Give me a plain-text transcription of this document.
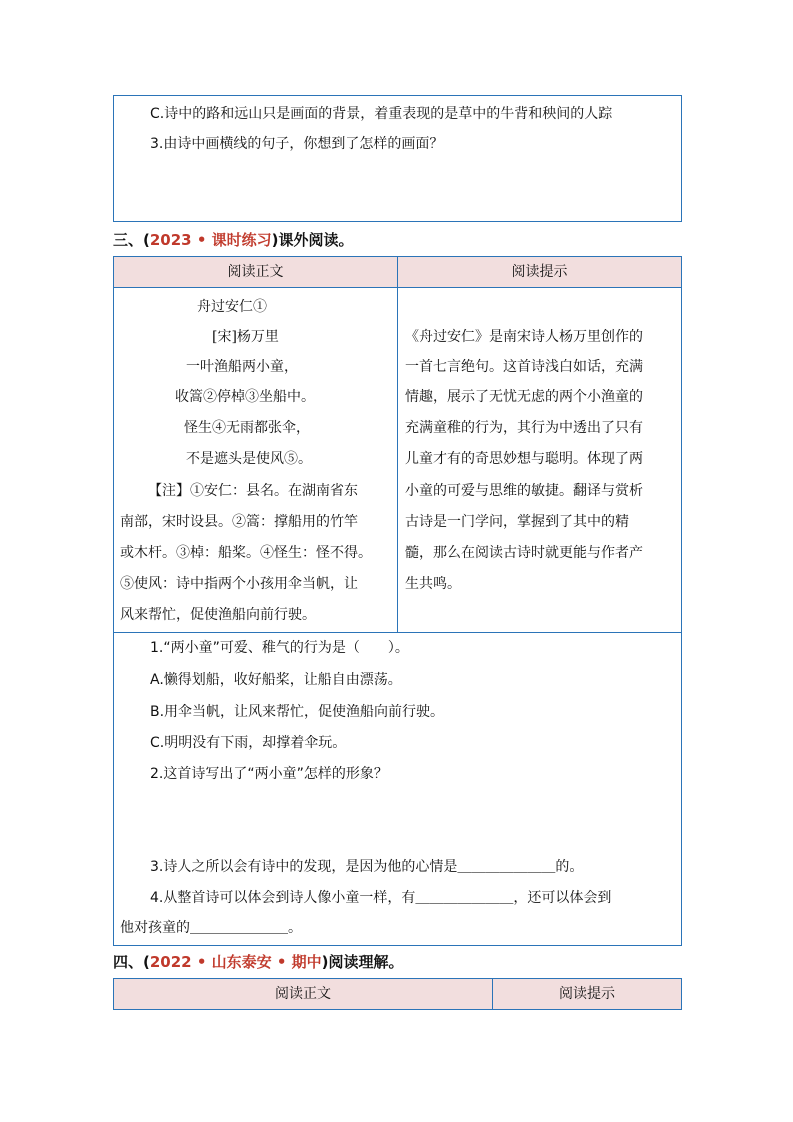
C.诗中的路和远山只是画面的背景，着重表现的是草中的牛背和秧间的人踪
3.由诗中画横线的句子，你想到了怎样的画面？
三、(2023 • 课时练习)课外阅读。
阅读正文	阅读提示
舟过安仁①
[宋]杨万里
一叶渔船两小童，
收篙②停棹③坐船中。
怪生④无雨都张伞，
不是遮头是使风⑤。
【注】①安仁：县名。在湖南省东
南部，宋时设县。②篙：撑船用的竹竿
或木杆。③棹：船桨。④怪生：怪不得。
⑤使风：诗中指两个小孩用伞当帆，让
风来帮忙，促使渔船向前行驶。
《舟过安仁》是南宋诗人杨万里创作的
一首七言绝句。这首诗浅白如话，充满
情趣，展示了无忧无虑的两个小渔童的
充满童稚的行为，其行为中透出了只有
儿童才有的奇思妙想与聪明。体现了两
小童的可爱与思维的敏捷。翻译与赏析
古诗是一门学问，掌握到了其中的精
髓，那么在阅读古诗时就更能与作者产
生共鸣。
1.“两小童”可爱、稚气的行为是（　　）。
A.懒得划船，收好船桨，让船自由漂荡。
B.用伞当帆，让风来帮忙，促使渔船向前行驶。
C.明明没有下雨，却撑着伞玩。
2.这首诗写出了“两小童”怎样的形象？
3.诗人之所以会有诗中的发现，是因为他的心情是＿＿＿＿＿＿＿的。
4.从整首诗可以体会到诗人像小童一样，有＿＿＿＿＿＿＿，还可以体会到
他对孩童的＿＿＿＿＿＿＿。
四、(2022 • 山东泰安 • 期中)阅读理解。
阅读正文	阅读提示
